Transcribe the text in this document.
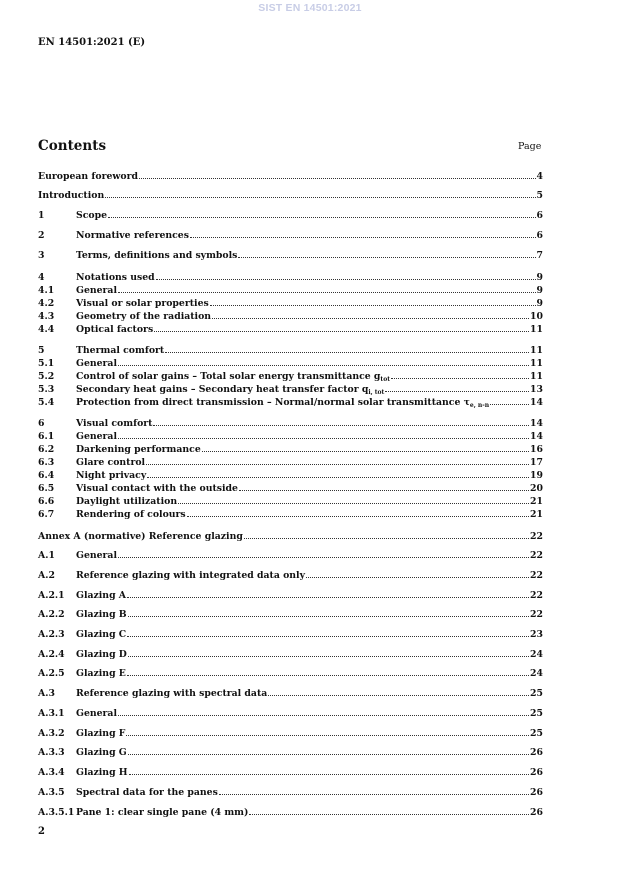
SIST EN 14501:2021
EN 14501:2021 (E)
Contents	Page
European foreword	4
Introduction	5
1	Scope	6
2	Normative references	6
3	Terms, definitions and symbols	7
4	Notations used	9
4.1	General	9
4.2	Visual or solar properties	9
4.3	Geometry of the radiation	10
4.4	Optical factors	11
5	Thermal comfort	11
5.1	General	11
5.2	Control of solar gains – Total solar energy transmittance $g_{tot}$	11
5.3	Secondary heat gains – Secondary heat transfer factor $q_{i, tot}$	13
5.4	Protection from direct transmission – Normal/normal solar transmittance $\tau_{e, n-n}$	14
6	Visual comfort	14
6.1	General	14
6.2	Darkening performance	16
6.3	Glare control	17
6.4	Night privacy	19
6.5	Visual contact with the outside	20
6.6	Daylight utilization	21
6.7	Rendering of colours	21
Annex A (normative) Reference glazing	22
A.1	General	22
A.2	Reference glazing with integrated data only	22
A.2.1	Glazing A	22
A.2.2	Glazing B	22
A.2.3	Glazing C	23
A.2.4	Glazing D	24
A.2.5	Glazing E	24
A.3	Reference glazing with spectral data	25
A.3.1	General	25
A.3.2	Glazing F	25
A.3.3	Glazing G	26
A.3.4	Glazing H	26
A.3.5	Spectral data for the panes	26
A.3.5.1 Pane 1: clear single pane (4 mm)	26
2
